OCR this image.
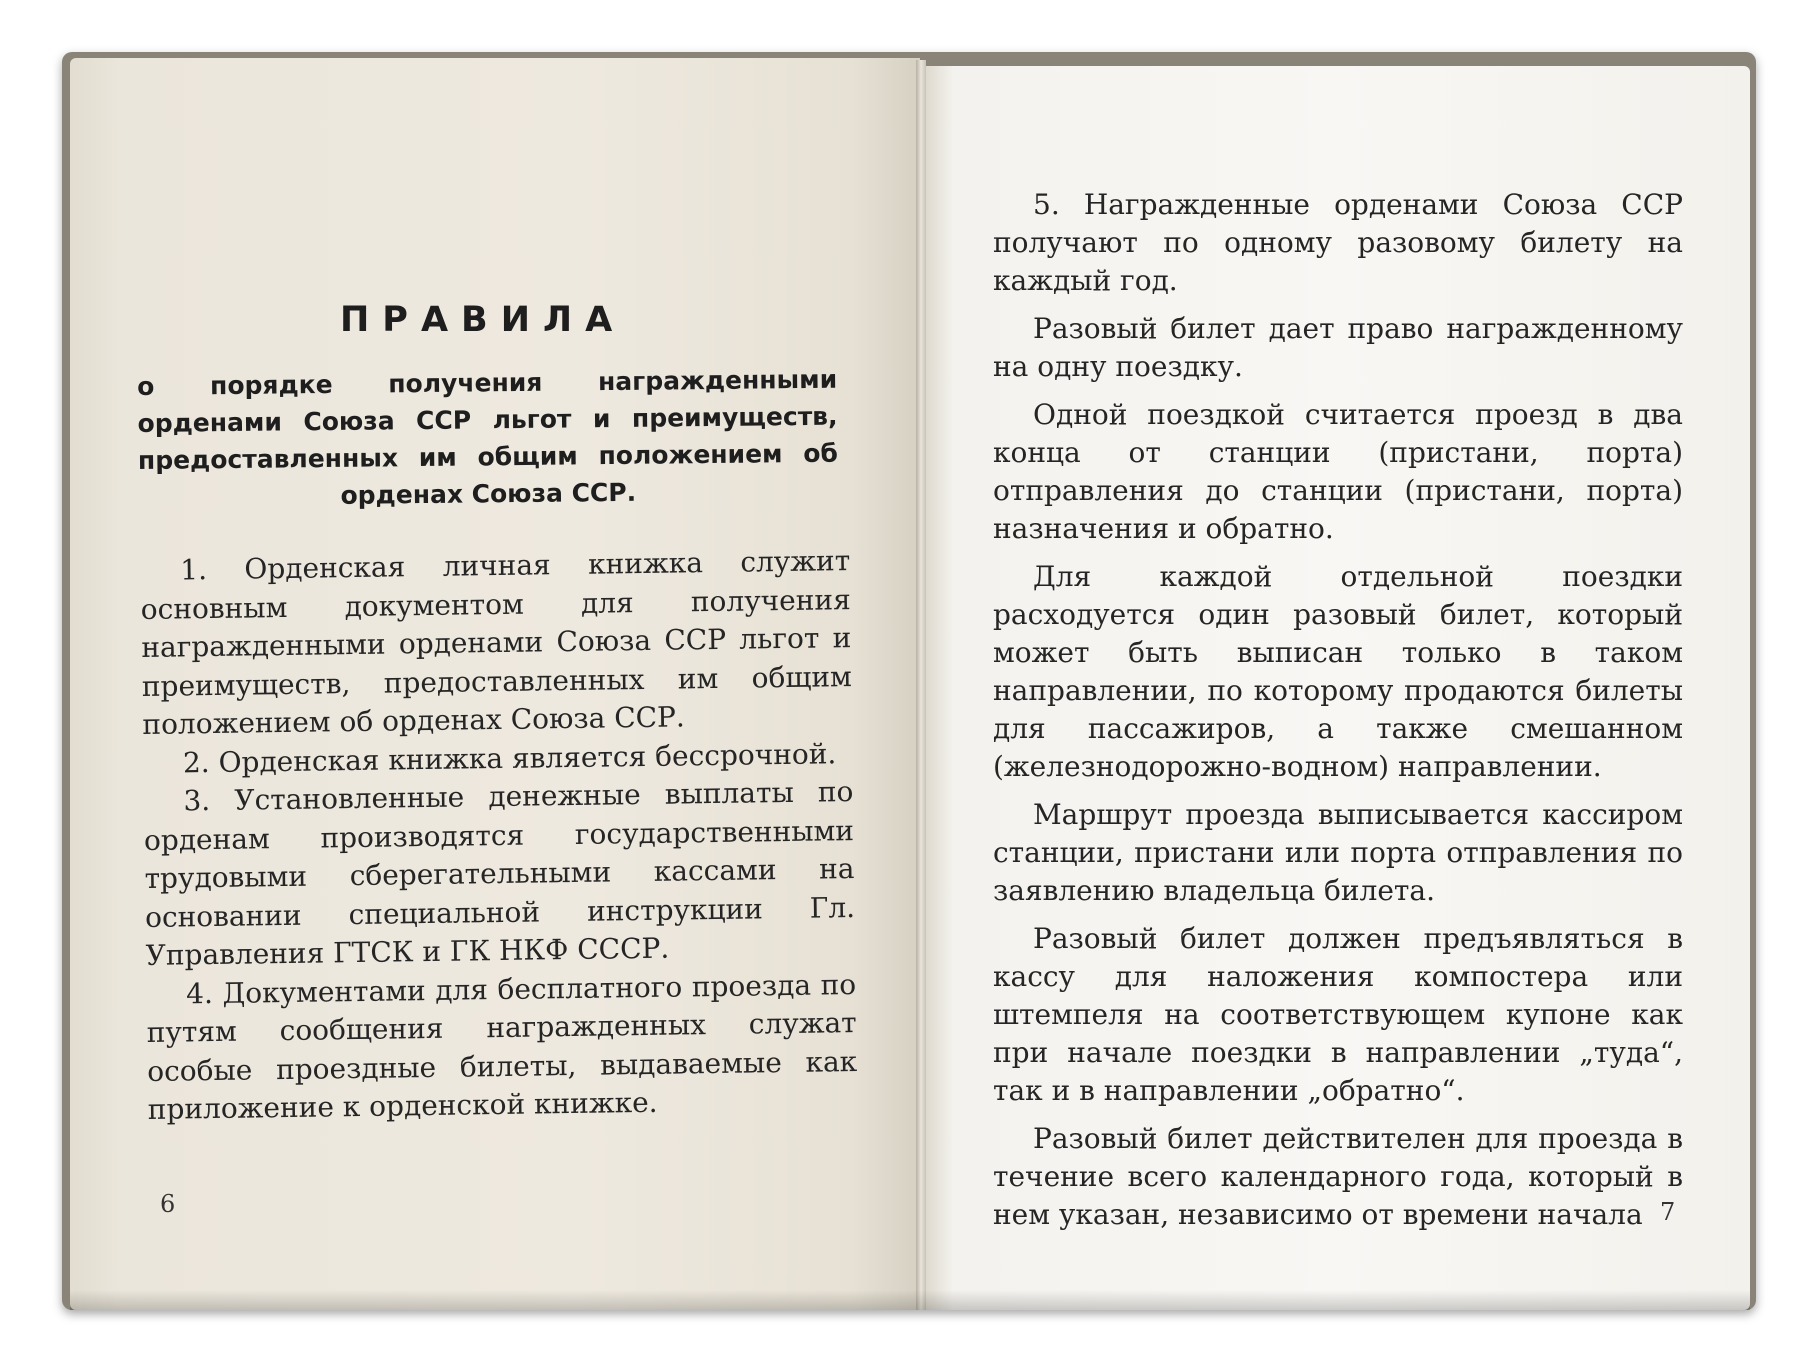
ПРАВИЛА
о порядке получения награжденными орденами Союза ССР льгот и преимуществ, предоставленных им общим положением об орденах Союза ССР.

1. Орденская личная книжка служит основным документом для получения награжденными орденами Союза ССР льгот и преимуществ, предоставленных им общим положением об орденах Союза ССР.

2. Орденская книжка является бессрочной.

3. Установленные денежные выплаты по орденам производятся государственными трудовыми сберегательными кассами на основании специальной инструкции Гл. Управления ГТСК и ГК НКФ СССР.

4. Документами для бесплатного проезда по путям сообщения награжденных служат особые проездные билеты, выдаваемые как приложение к орденской книжке.

6

5. Награжденные орденами Союза ССР получают по одному разовому билету на каждый год.

Разовый билет дает право награжденному на одну поездку.

Одной поездкой считается проезд в два конца от станции (пристани, порта) отправления до станции (пристани, порта) назначения и обратно.

Для каждой отдельной поездки расходуется один разовый билет, который может быть выписан только в таком направлении, по которому продаются билеты для пассажиров, а также смешанном (железнодорожно-водном) направлении.

Маршрут проезда выписывается кассиром станции, пристани или порта отправления по заявлению владельца билета.

Разовый билет должен предъявляться в кассу для наложения компостера или штемпеля на соответствующем купоне как при начале поездки в направлении „туда“, так и в направлении „обратно“.

Разовый билет действителен для проезда в течение всего календарного года, который в нем указан, независимо от времени начала 7
